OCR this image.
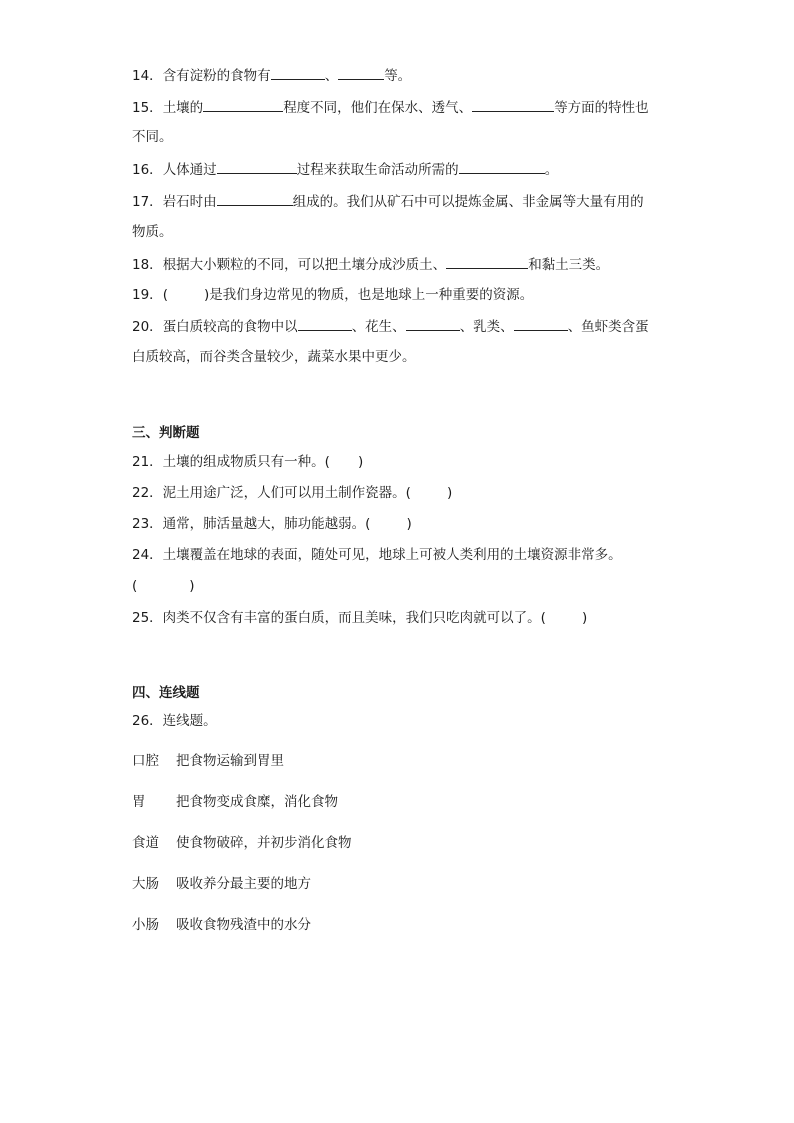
14．含有淀粉的食物有	、	等。
15．土壤的	程度不同，他们在保水、透气、	等方面的特性也
不同。
16．人体通过	过程来获取生命活动所需的	。
17．岩石时由	组成的。我们从矿石中可以提炼金属、非金属等大量有用的
物质。
18．根据大小颗粒的不同，可以把土壤分成沙质土、	和黏土三类。
19．(	)是我们身边常见的物质，也是地球上一种重要的资源。
20．蛋白质较高的食物中以	、花生、	、乳类、	、鱼虾类含蛋
白质较高，而谷类含量较少，蔬菜水果中更少。
三、判断题
21．土壤的组成物质只有一种。( )
22．泥土用途广泛，人们可以用土制作瓷器。(	)
23．通常，肺活量越大，肺功能越弱。(	)
24．土壤覆盖在地球的表面，随处可见，地球上可被人类利用的土壤资源非常多。
(	)
25．肉类不仅含有丰富的蛋白质，而且美味，我们只吃肉就可以了。(	)
四、连线题
26．连线题。
口腔 把食物运输到胃里
胃 把食物变成食糜，消化食物
食道 使食物破碎，并初步消化食物
大肠 吸收养分最主要的地方
小肠 吸收食物残渣中的水分
